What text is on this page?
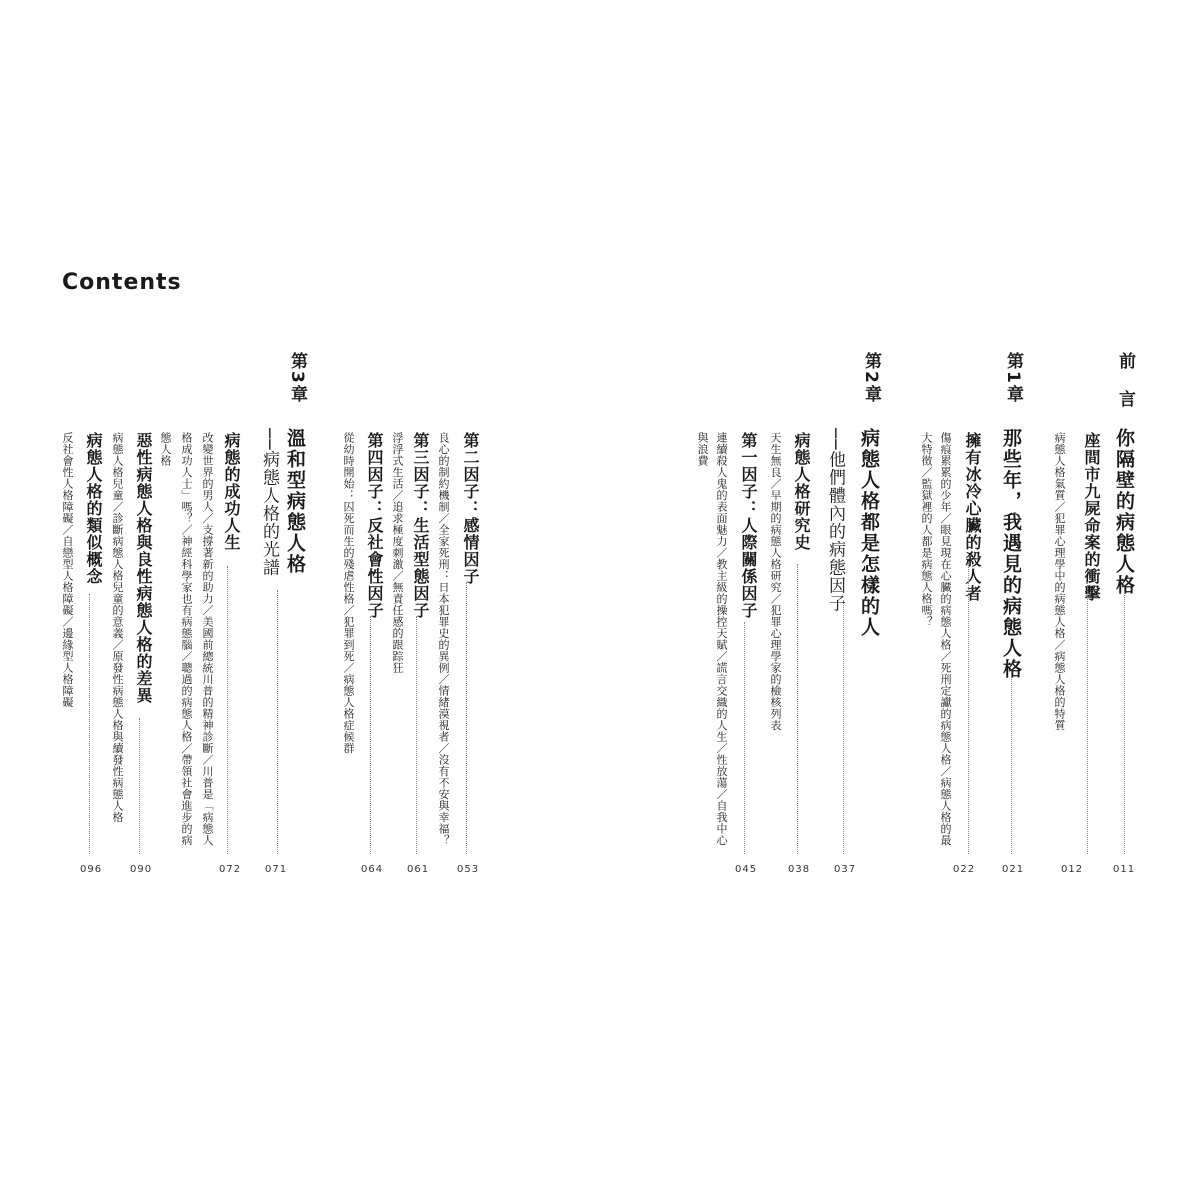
Contents
前　言
你隔壁的病態人格
011
座間市九屍命案的衝擊
病態人格氣質／犯罪心理學中的病態人格／病態人格的特質
012
第1章
那些年，我遇見的病態人格
021
擁有冰冷心臟的殺人者
傷痕累累的少年／眼見現在心臟的病態人格／死刑定讞的病態人格／病態人格的最
大特徵／監獄裡的人都是病態人格嗎？
022
第2章
病態人格都是怎樣的人
──他們體內的病態因子
037
病態人格研究史
天生無良／早期的病態人格研究／犯罪心理學家的檢核列表
038
第一因子：人際關係因子
連續殺人鬼的表面魅力／教主級的操控天賦／謊言交織的人生／性放蕩／自我中心
與浪費
045
第二因子：感情因子
良心的制約機制／全家死刑：日本犯罪史的異例／情緒漠視者／沒有不安與幸福？
053
第三因子：生活型態因子
浮浮式生活／追求極度刺激／無責任感的跟踪狂
061
第四因子：反社會性因子
從幼時開始：囚死而生的殘虐性格／犯罪到死／病態人格症候群
064
第3章
溫和型病態人格
──病態人格的光譜
071
病態的成功人生
改變世界的男人／支撐著新的助力／美國前總統川普的精神診斷／川普是「病態人
格成功人士」嗎？／神經科學家也有病態腦／聰過的病態人格／帶領社會進步的病
態人格
072
惡性病態人格與良性病態人格的差異
病態人格兒童／診斷病態人格兒童的意義／原發性病態人格與續發性病態人格
090
病態人格的類似概念
反社會性人格障礙／自戀型人格障礙／邊緣型人格障礙
096
